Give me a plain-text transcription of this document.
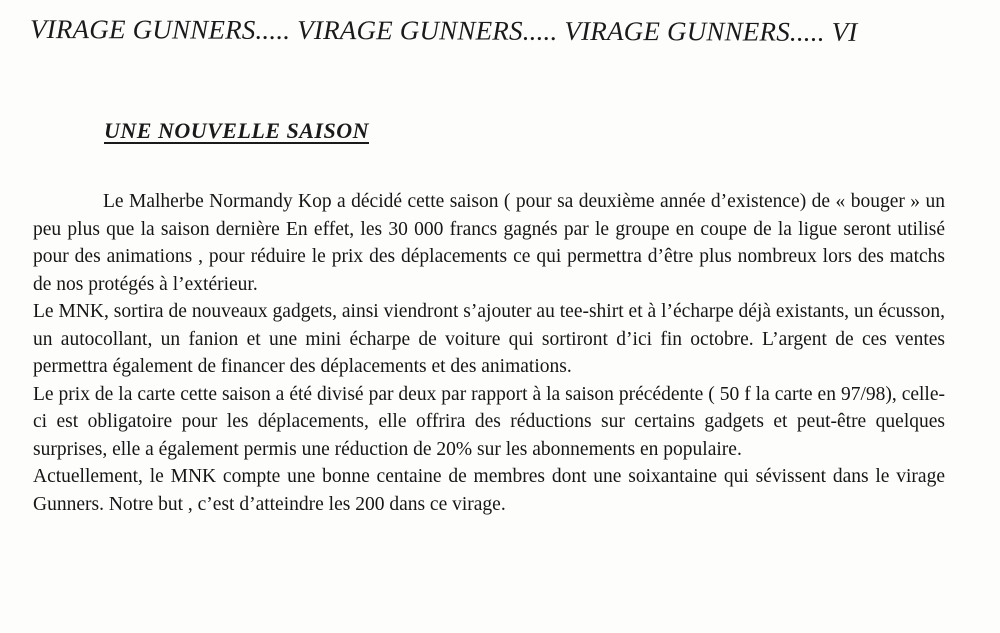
VIRAGE GUNNERS..... VIRAGE GUNNERS..... VIRAGE GUNNERS..... VI
UNE NOUVELLE SAISON

Le Malherbe Normandy Kop a décidé cette saison ( pour sa deuxième année d’existence) de « bouger » un peu plus que la saison dernière En effet, les 30 000 francs gagnés par le groupe en coupe de la ligue seront utilisé pour des animations , pour réduire le prix des déplacements ce qui permettra d’être plus nombreux lors des matchs de nos protégés à l’extérieur.

Le MNK, sortira de nouveaux gadgets, ainsi viendront s’ajouter au tee-shirt et à l’écharpe déjà existants, un écusson, un autocollant, un fanion et une mini écharpe de voiture qui sortiront d’ici fin octobre. L’argent de ces ventes permettra également de financer des déplacements et des animations.

Le prix de la carte cette saison a été divisé par deux par rapport à la saison précédente ( 50 f la carte en 97/98), celle-ci est obligatoire pour les déplacements, elle offrira des réductions sur certains gadgets et peut-être quelques surprises, elle a également permis une réduction de 20% sur les abonnements en populaire.

Actuellement, le MNK compte une bonne centaine de membres dont une soixantaine qui sévissent dans le virage Gunners. Notre but , c’est d’atteindre les 200 dans ce virage.
